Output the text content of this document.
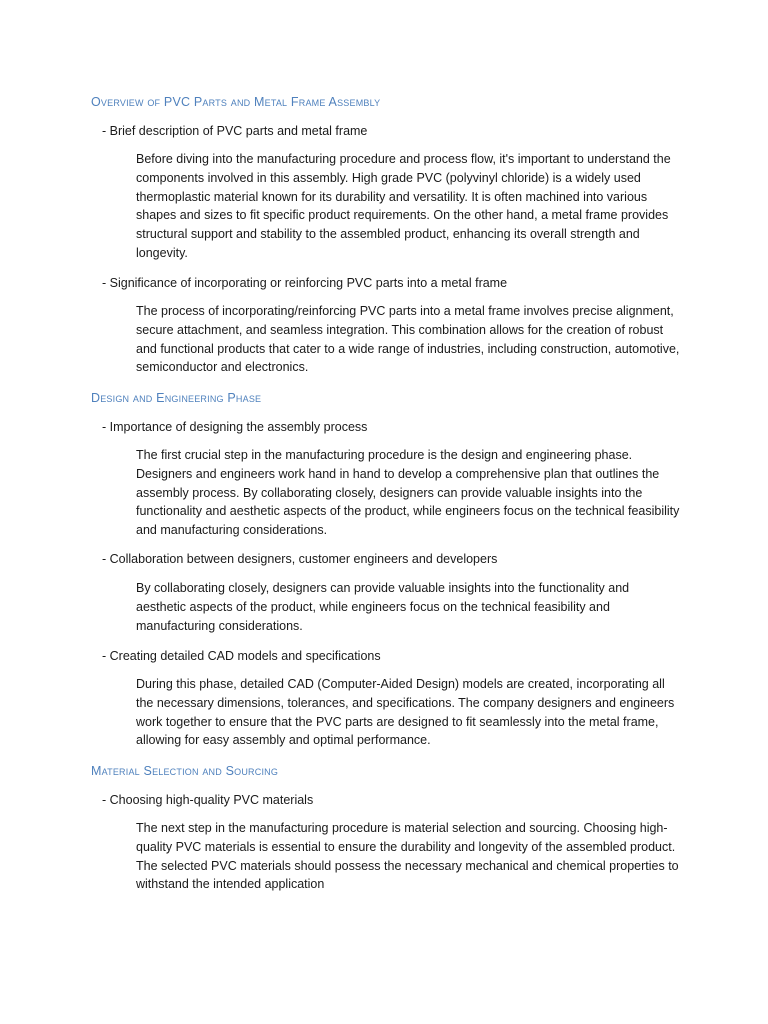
Overview of PVC Parts and Metal Frame Assembly
- Brief description of PVC parts and metal frame
Before diving into the manufacturing procedure and process flow, it's important to understand the components involved in this assembly. High grade PVC (polyvinyl chloride) is a widely used thermoplastic material known for its durability and versatility. It is often machined into various shapes and sizes to fit specific product requirements. On the other hand, a metal frame provides structural support and stability to the assembled product, enhancing its overall strength and longevity.
- Significance of incorporating or reinforcing PVC parts into a metal frame
The process of incorporating/reinforcing PVC parts into a metal frame involves precise alignment, secure attachment, and seamless integration. This combination allows for the creation of robust and functional products that cater to a wide range of industries, including construction, automotive, semiconductor and electronics.
Design and Engineering Phase
- Importance of designing the assembly process
The first crucial step in the manufacturing procedure is the design and engineering phase. Designers and engineers work hand in hand to develop a comprehensive plan that outlines the assembly process. By collaborating closely, designers can provide valuable insights into the functionality and aesthetic aspects of the product, while engineers focus on the technical feasibility and manufacturing considerations.
- Collaboration between designers, customer engineers and developers
By collaborating closely, designers can provide valuable insights into the functionality and aesthetic aspects of the product, while engineers focus on the technical feasibility and manufacturing considerations.
- Creating detailed CAD models and specifications
During this phase, detailed CAD (Computer-Aided Design) models are created, incorporating all the necessary dimensions, tolerances, and specifications. The company designers and engineers work together to ensure that the PVC parts are designed to fit seamlessly into the metal frame, allowing for easy assembly and optimal performance.
Material Selection and Sourcing
- Choosing high-quality PVC materials
The next step in the manufacturing procedure is material selection and sourcing. Choosing high-quality PVC materials is essential to ensure the durability and longevity of the assembled product. The selected PVC materials should possess the necessary mechanical and chemical properties to withstand the intended application
